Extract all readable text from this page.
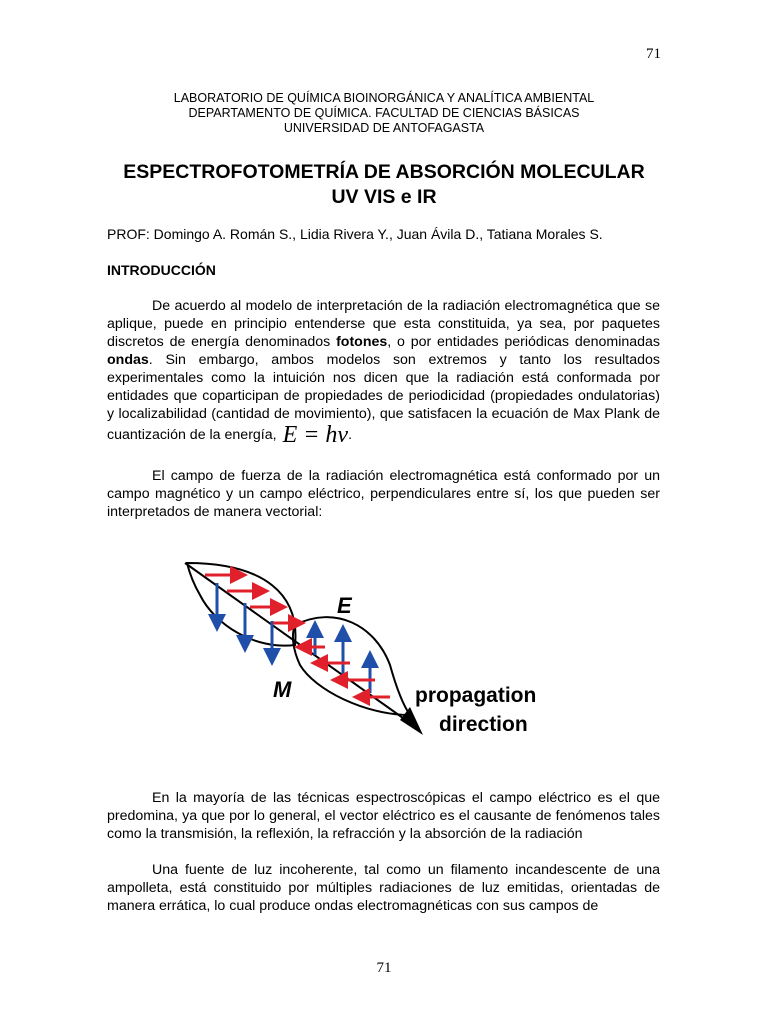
71
LABORATORIO DE QUÍMICA BIOINORGÁNICA Y ANALÍTICA AMBIENTAL
DEPARTAMENTO DE QUÍMICA. FACULTAD DE CIENCIAS BÁSICAS
UNIVERSIDAD DE ANTOFAGASTA
ESPECTROFOTOMETRÍA DE ABSORCIÓN MOLECULAR
UV VIS e IR
PROF: Domingo A. Román S., Lidia Rivera Y., Juan Ávila D., Tatiana Morales S.
INTRODUCCIÓN

De acuerdo al modelo de interpretación de la radiación electromagnética que se aplique, puede en principio entenderse que esta constituida, ya sea, por paquetes discretos de energía denominados fotones, o por entidades periódicas denominadas ondas. Sin embargo, ambos modelos son extremos y tanto los resultados experimentales como la intuición nos dicen que la radiación está conformada por entidades que coparticipan de propiedades de periodicidad (propiedades ondulatorias) y localizabilidad (cantidad de movimiento), que satisfacen la ecuación de Max Plank de cuantización de la energía, E = hν.

El campo de fuerza de la radiación electromagnética está conformado por un campo magnético y un campo eléctrico, perpendiculares entre sí, los que pueden ser interpretados de manera vectorial:

E
M	propagation
direction

En la mayoría de las técnicas espectroscópicas el campo eléctrico es el que predomina, ya que por lo general, el vector eléctrico es el causante de fenómenos tales como la transmisión, la reflexión, la refracción y la absorción de la radiación

Una fuente de luz incoherente, tal como un filamento incandescente de una ampolleta, está constituido por múltiples radiaciones de luz emitidas, orientadas de manera errática, lo cual produce ondas electromagnéticas con sus campos de

71
